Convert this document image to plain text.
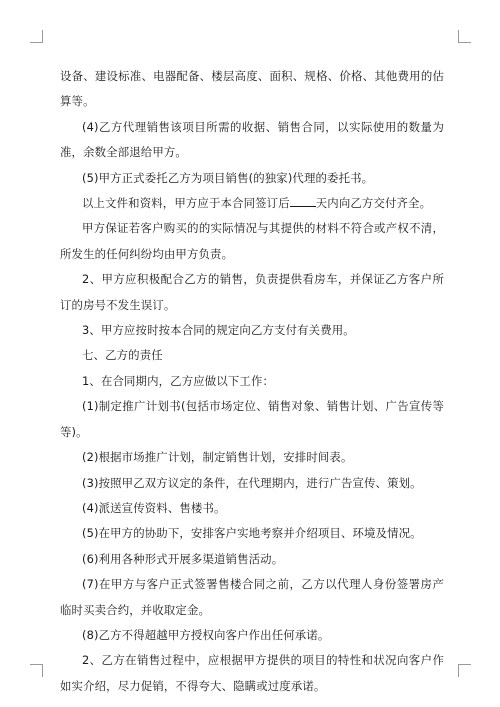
设备、建设标准、电器配备、楼层高度、面积、规格、价格、其他费用的估算等。

(4)乙方代理销售该项目所需的收据、销售合同，以实际使用的数量为准，余数全部退给甲方。

(5)甲方正式委托乙方为项目销售(的独家)代理的委托书。

以上文件和资料，甲方应于本合同签订后 天内向乙方交付齐全。

甲方保证若客户购买的的实际情况与其提供的材料不符合或产权不清，所发生的任何纠纷均由甲方负责。

2、甲方应积极配合乙方的销售，负责提供看房车，并保证乙方客户所订的房号不发生误订。

3、甲方应按时按本合同的规定向乙方支付有关费用。

七、乙方的责任

1、在合同期内，乙方应做以下工作：

(1)制定推广计划书(包括市场定位、销售对象、销售计划、广告宣传等等)。

(2)根据市场推广计划，制定销售计划，安排时间表。

(3)按照甲乙双方议定的条件，在代理期内，进行广告宣传、策划。

(4)派送宣传资料、售楼书。

(5)在甲方的协助下，安排客户实地考察并介绍项目、环境及情况。

(6)利用各种形式开展多渠道销售活动。

(7)在甲方与客户正式签署售楼合同之前，乙方以代理人身份签署房产临时买卖合约，并收取定金。

(8)乙方不得超越甲方授权向客户作出任何承诺。

2、乙方在销售过程中，应根据甲方提供的项目的特性和状况向客户作如实介绍，尽力促销，不得夸大、隐瞒或过度承诺。
